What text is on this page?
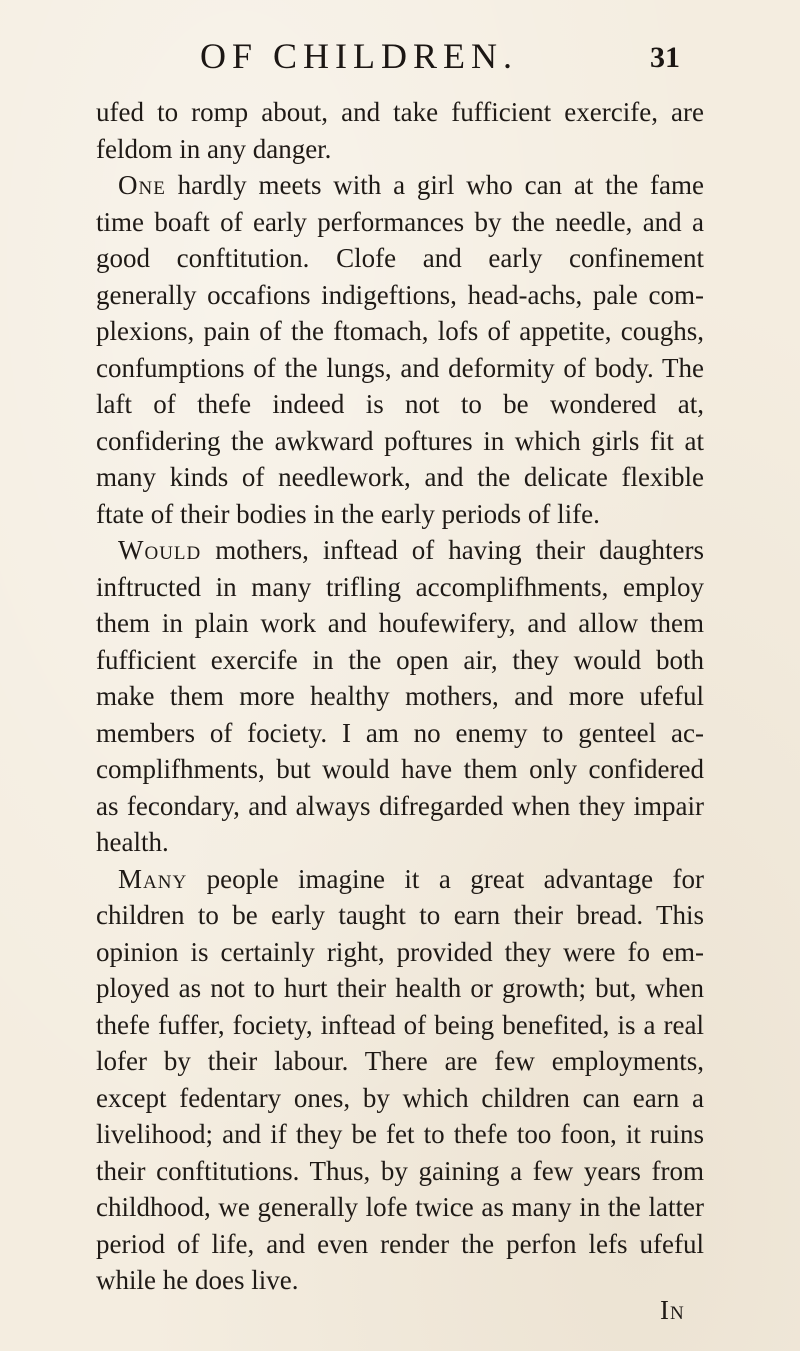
OF CHILDREN.	31

ufed to romp about, and take fufficient exercife, are feldom in any danger.

One hardly meets with a girl who can at the fame time boaft of early performances by the needle, and a good conftitution. Clofe and early confinement generally occafions indigeftions, head-achs, pale complexions, pain of the ftomach, lofs of appetite, coughs, confumptions of the lungs, and deformity of body. The laft of thefe indeed is not to be wondered at, confidering the awkward poftures in which girls fit at many kinds of needlework, and the delicate flexible ftate of their bodies in the early periods of life.

Would mothers, inftead of having their daughters inftructed in many trifling accomplifhments, employ them in plain work and houfewifery, and allow them fufficient exercife in the open air, they would both make them more healthy mothers, and more ufeful members of fociety. I am no enemy to genteel accomplifhments, but would have them only confidered as fecondary, and always difregarded when they impair health.

Many people imagine it a great advantage for children to be early taught to earn their bread. This opinion is certainly right, provided they were fo employed as not to hurt their health or growth; but, when thefe fuffer, fociety, inftead of being benefited, is a real lofer by their labour. There are few employments, except fedentary ones, by which children can earn a livelihood; and if they be fet to thefe too foon, it ruins their conftitutions. Thus, by gaining a few years from childhood, we generally lofe twice as many in the latter period of life, and even render the perfon lefs ufeful while he does live.

In
